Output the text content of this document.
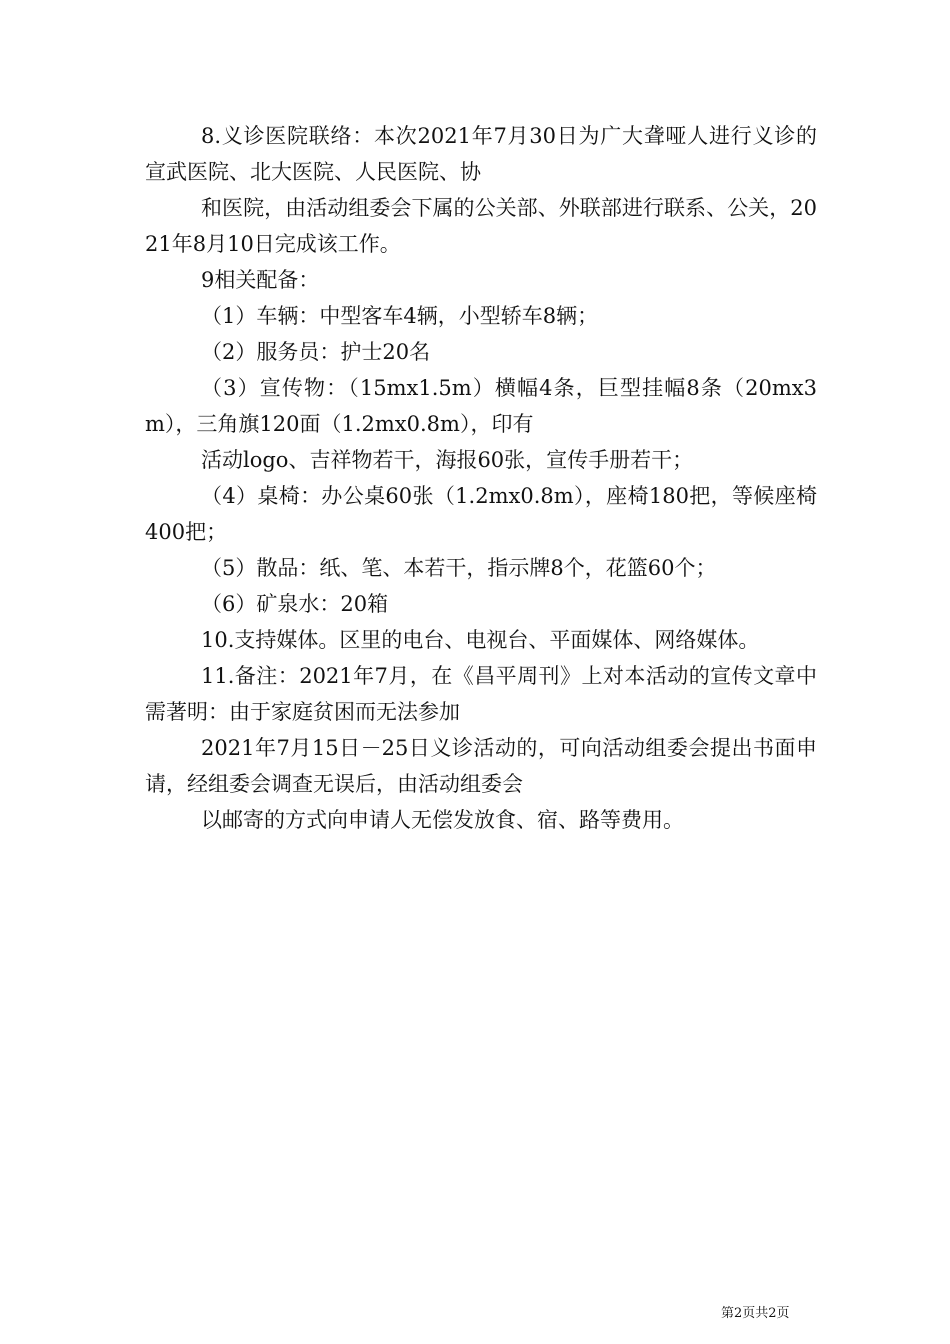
8.义诊医院联络：本次2021年7月30日为广大聋哑人进行义诊的宣武医院、北大医院、人民医院、协

和医院，由活动组委会下属的公关部、外联部进行联系、公关，2021年8月10日完成该工作。

9相关配备：

（1）车辆：中型客车4辆，小型轿车8辆；

（2）服务员：护士20名

（3）宣传物：（15mx1.5m）横幅4条，巨型挂幅8条（20mx3m），三角旗120面（1.2mx0.8m），印有

活动logo、吉祥物若干，海报60张，宣传手册若干；

（4）桌椅：办公桌60张（1.2mx0.8m），座椅180把，等候座椅400把；

（5）散品：纸、笔、本若干，指示牌8个，花篮60个；

（6）矿泉水：20箱

10.支持媒体。区里的电台、电视台、平面媒体、网络媒体。

11.备注：2021年7月，在《昌平周刊》上对本活动的宣传文章中需著明：由于家庭贫困而无法参加

2021年7月15日－25日义诊活动的，可向活动组委会提出书面申请，经组委会调查无误后，由活动组委会

以邮寄的方式向申请人无偿发放食、宿、路等费用。

第2页共2页
